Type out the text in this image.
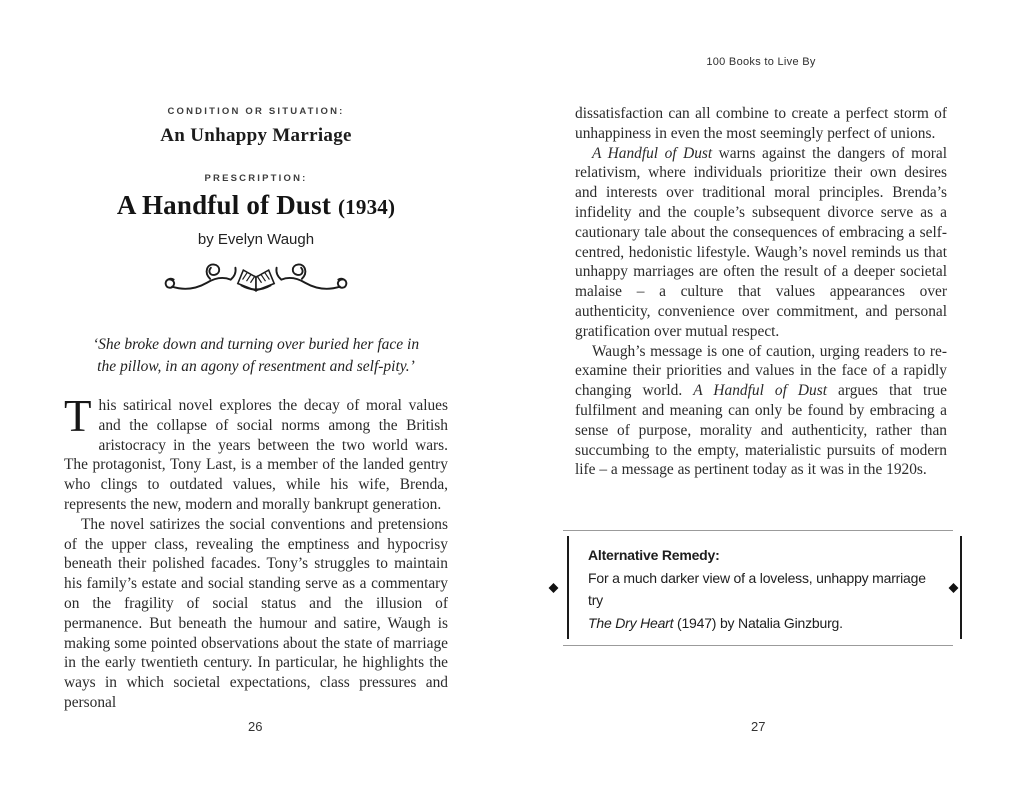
CONDITION OR SITUATION:
An Unhappy Marriage
PRESCRIPTION:
A Handful of Dust (1934)
by Evelyn Waugh
‘She broke down and turning over buried her face in
the pillow, in an agony of resentment and self-pity.’

This satirical novel explores the decay of moral values and the collapse of social norms among the British aristocracy in the years between the two world wars. The protagonist, Tony Last, is a member of the landed gentry who clings to outdated values, while his wife, Brenda, represents the new, modern and morally bankrupt generation.

The novel satirizes the social conventions and pretensions of the upper class, revealing the emptiness and hypocrisy beneath their polished facades. Tony’s struggles to maintain his family’s estate and social standing serve as a commentary on the fragility of social status and the illusion of permanence. But beneath the humour and satire, Waugh is making some pointed observations about the state of marriage in the early twentieth century. In particular, he highlights the ways in which societal expectations, class pressures and personal

100 Books to Live By

dissatisfaction can all combine to create a perfect storm of unhappiness in even the most seemingly perfect of unions.

A Handful of Dust warns against the dangers of moral relativism, where individuals prioritize their own desires and interests over traditional moral principles. Brenda’s infidelity and the couple’s subsequent divorce serve as a cautionary tale about the consequences of embracing a self-centred, hedonistic lifestyle. Waugh’s novel reminds us that unhappy marriages are often the result of a deeper societal malaise – a culture that values appearances over authenticity, convenience over commitment, and personal gratification over mutual respect.

Waugh’s message is one of caution, urging readers to re-examine their priorities and values in the face of a rapidly changing world. A Handful of Dust argues that true fulfilment and meaning can only be found by embracing a sense of purpose, morality and authenticity, rather than succumbing to the empty, materialistic pursuits of modern life – a message as pertinent today as it was in the 1920s.

Alternative Remedy:
For a much darker view of a loveless, unhappy marriage try
The Dry Heart (1947) by Natalia Ginzburg.

26	27
